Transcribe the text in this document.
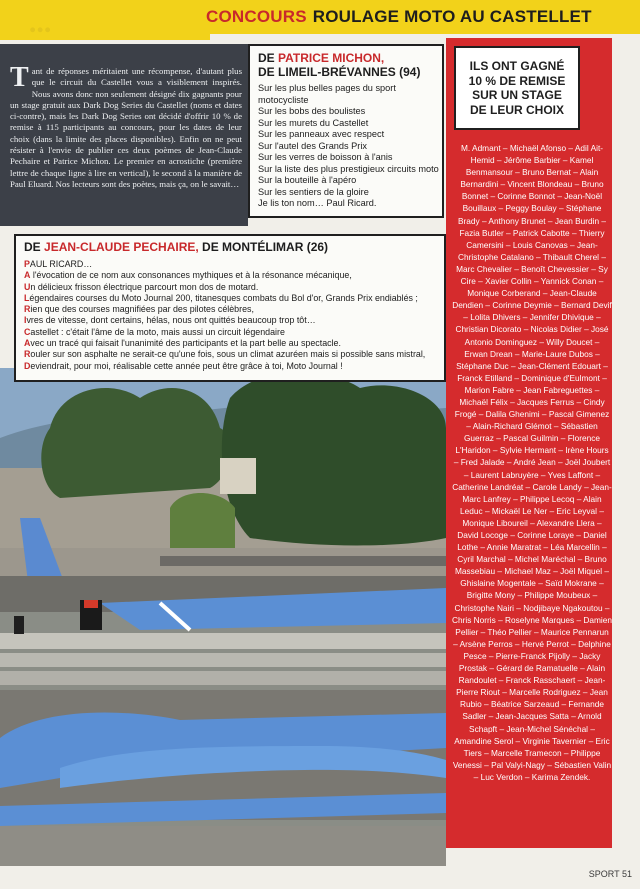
...	CONCOURS ROULAGE MOTO AU CASTELLET
Tant de réponses méritaient une récompense, d'autant plus que le circuit du Castellet vous a visiblement inspirés. Nous avons donc non seulement désigné dix gagnants pour un stage gratuit aux Dark Dog Series du Castellet (noms et dates ci-contre), mais les Dark Dog Series ont décidé d'offrir 10 % de remise à 115 participants au concours, pour les dates de leur choix (dans la limite des places disponibles). Enfin on ne peut résister à l'envie de publier ces deux poèmes de Jean-Claude Pechaire et Patrice Michon. Le premier en acrostiche (première lettre de chaque ligne à lire en vertical), le second à la manière de Paul Eluard. Nos lecteurs sont des poètes, mais ça, on le savait…
DE PATRICE MICHON,
DE LIMEIL-BRÉVANNES (94)
Sur les plus belles pages du sport
motocycliste
Sur les bobs des boulistes
Sur les murets du Castellet
Sur les panneaux avec respect
Sur l'autel des Grands Prix
Sur les verres de boisson à l'anis
Sur la liste des plus prestigieux circuits moto
Sur la bouteille à l'apéro
Sur les sentiers de la gloire
Je lis ton nom… Paul Ricard.
ILS ONT GAGNÉ
10 % DE REMISE
SUR UN STAGE
DE LEUR CHOIX
M. Admant – Michaël Afonso – Adil Ait-Hemid – Jérôme Barbier – Kamel Benmansour – Bruno Bernat – Alain Bernardini – Vincent Blondeau – Bruno Bonnet – Corinne Bonnot – Jean-Noël Bouillaux – Peggy Boulay – Stéphane Brady – Anthony Brunet – Jean Burdin – Fazia Butler – Patrick Cabotte – Thierry Camersini – Louis Canovas – Jean-Christophe Catalano – Thibault Cherel – Marc Chevalier – Benoît Chevessier – Sy Cire – Xavier Collin – Yannick Conan – Monique Corberand – Jean-Claude Dendien – Corinne Deymie – Bernard Devif – Lolita Dhivers – Jennifer Dhivique – Christian Dicorato – Nicolas Didier – José Antonio Dominguez – Willy Doucet – Erwan Drean – Marie-Laure Dubos – Stéphane Duc – Jean-Clément Edouart – Franck Etilland – Dominique d'Eulmont – Marion Fabre – Jean Fabreguettes – Michaël Félix – Jacques Ferrus – Cindy Frogé – Dalila Ghenimi – Pascal Gimenez – Alain-Richard Glémot – Sébastien Guerraz – Pascal Guilmin – Florence L'Haridon – Sylvie Hermant – Irène Hours – Fred Jalade – André Jean – Joël Joubert – Laurent Labruyère – Yves Laffont – Catherine Landréat – Carole Landy – Jean-Marc Lanfrey – Philippe Lecoq – Alain Leduc – Mickaël Le Ner – Eric Leyval – Monique Liboureil – Alexandre Llera – David Locoge – Corinne Loraye – Daniel Lothe – Annie Maratrat – Léa Marcellin – Cyril Marchal – Michel Maréchal – Bruno Massebiau – Michael Maz – Joël Miquel – Ghislaine Mogentale – Saïd Mokrane – Brigitte Mony – Philippe Moubeux – Christophe Nairi – Nodjibaye Ngakoutou – Chris Norris – Roselyne Marques – Damien Pellier – Théo Pellier – Maurice Pennarun – Arsène Perros – Hervé Perrot – Delphine Pesce – Pierre-Franck Pijolly – Jacky Prostak – Gérard de Ramatuelle – Alain Randoulet – Franck Rasschaert – Jean-Pierre Riout – Marcelle Rodriguez – Jean Rubio – Béatrice Sarzeaud – Fernande Sadler – Jean-Jacques Satta – Arnold Schapft – Jean-Michel Sénéchal – Amandine Serol – Virginie Tavernier – Eric Tiers – Marcelle Tramecon – Philippe Venessi – Pal Valyi-Nagy – Sébastien Valin – Luc Verdon – Karima Zendek.
DE JEAN-CLAUDE PECHAIRE, DE MONTÉLIMAR (26)
PAUL RICARD…
A l'évocation de ce nom aux consonances mythiques et à la résonance mécanique,
Un délicieux frisson électrique parcourt mon dos de motard.
Légendaires courses du Moto Journal 200, titanesques combats du Bol d'or, Grands Prix endiablés ;
Rien que des courses magnifiées par des pilotes célèbres,
Ivres de vitesse, dont certains, hélas, nous ont quittés beaucoup trop tôt…
Castellet : c'était l'âme de la moto, mais aussi un circuit légendaire
Avec un tracé qui faisait l'unanimité des participants et la part belle au spectacle.
Rouler sur son asphalte ne serait-ce qu'une fois, sous un climat azuréen mais si possible sans mistral,
Deviendrait, pour moi, réalisable cette année peut être grâce à toi, Moto Journal !
SPORT 51
